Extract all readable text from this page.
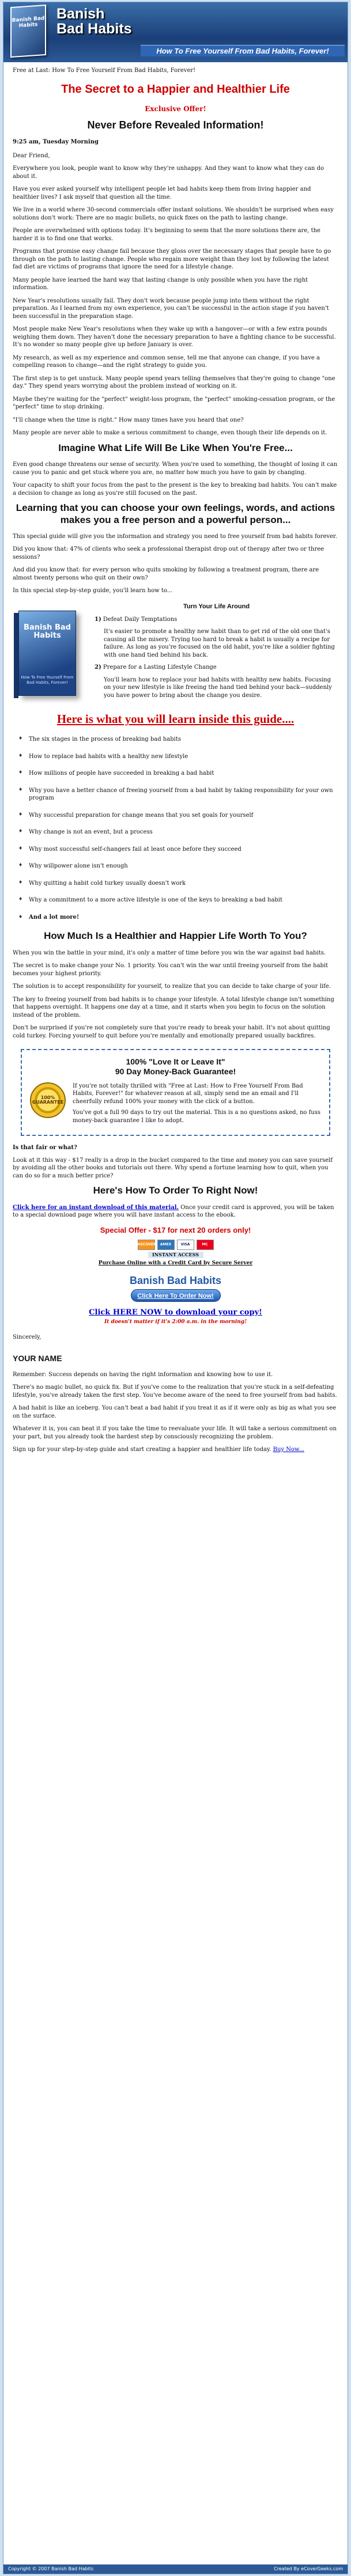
Banish Bad Habits
Banish
Bad Habits
How To Free Yourself From Bad Habits, Forever!

Free at Last: How To Free Yourself From Bad Habits, Forever!

The Secret to a Happier and Healthier Life
Exclusive Offer!
Never Before Revealed Information!

9:25 am, Tuesday Morning

Dear Friend,

Everywhere you look, people want to know why they're unhappy. And they want to know what they can do about it.

Have you ever asked yourself why intelligent people let bad habits keep them from living happier and healthier lives? I ask myself that question all the time.

We live in a world where 30-second commercials offer instant solutions. We shouldn't be surprised when easy solutions don't work: There are no magic bullets, no quick fixes on the path to lasting change.

People are overwhelmed with options today. It's beginning to seem that the more solutions there are, the harder it is to find one that works.

Programs that promise easy change fail because they gloss over the necessary stages that people have to go through on the path to lasting change. People who regain more weight than they lost by following the latest fad diet are victims of programs that ignore the need for a lifestyle change.

Many people have learned the hard way that lasting change is only possible when you have the right information.

New Year's resolutions usually fail. They don't work because people jump into them without the right preparation. As I learned from my own experience, you can't be successful in the action stage if you haven't been successful in the preparation stage.

Most people make New Year's resolutions when they wake up with a hangover—or with a few extra pounds weighing them down. They haven't done the necessary preparation to have a fighting chance to be successful. It's no wonder so many people give up before January is over.

My research, as well as my experience and common sense, tell me that anyone can change, if you have a compelling reason to change—and the right strategy to guide you.

The first step is to get unstuck. Many people spend years telling themselves that they're going to change "one day." They spend years worrying about the problem instead of working on it.

Maybe they're waiting for the "perfect" weight-loss program, the "perfect" smoking-cessation program, or the "perfect" time to stop drinking.

"I'll change when the time is right." How many times have you heard that one?

Many people are never able to make a serious commitment to change, even though their life depends on it.

Imagine What Life Will Be Like When You're Free...

Even good change threatens our sense of security. When you're used to something, the thought of losing it can cause you to panic and get stuck where you are, no matter how much you have to gain by changing.

Your capacity to shift your focus from the past to the present is the key to breaking bad habits. You can't make a decision to change as long as you're still focused on the past.

Learning that you can choose your own feelings, words, and actions makes you a free person and a powerful person...

This special guide will give you the information and strategy you need to free yourself from bad habits forever.

Did you know that: 47% of clients who seek a professional therapist drop out of therapy after two or three sessions?

And did you know that: for every person who quits smoking by following a treatment program, there are almost twenty persons who quit on their own?

In this special step-by-step guide, you'll learn how to...

Banish Bad Habits
How To Free Yourself From Bad Habits, Forever!
Turn Your Life Around

1) Defeat Daily Temptations

It's easier to promote a healthy new habit than to get rid of the old one that's causing all the misery. Trying too hard to break a habit is usually a recipe for failure. As long as you're focused on the old habit, you're like a soldier fighting with one hand tied behind his back.

2) Prepare for a Lasting Lifestyle Change

You'll learn how to replace your bad habits with healthy new habits. Focusing on your new lifestyle is like freeing the hand tied behind your back—suddenly you have power to bring about the change you desire.

Here is what you will learn inside this guide....
♦ The six stages in the process of breaking bad habits
♦ How to replace bad habits with a healthy new lifestyle
♦ How millions of people have succeeded in breaking a bad habit
♦ Why you have a better chance of freeing yourself from a bad habit by taking responsibility for your own program
♦ Why successful preparation for change means that you set goals for yourself
♦ Why change is not an event, but a process
♦ Why most successful self-changers fail at least once before they succeed
♦ Why willpower alone isn't enough
♦ Why quitting a habit cold turkey usually doesn't work
♦ Why a commitment to a more active lifestyle is one of the keys to breaking a bad habit
♦ And a lot more!
How Much Is a Healthier and Happier Life Worth To You?

When you win the battle in your mind, it's only a matter of time before you win the war against bad habits.

The secret is to make change your No. 1 priority. You can't win the war until freeing yourself from the habit becomes your highest priority.

The solution is to accept responsibility for yourself, to realize that you can decide to take charge of your life.

The key to freeing yourself from bad habits is to change your lifestyle. A total lifestyle change isn't something that happens overnight. It happens one day at a time, and it starts when you begin to focus on the solution instead of the problem.

Don't be surprised if you're not completely sure that you're ready to break your habit. It's not about quitting cold turkey. Forcing yourself to quit before you're mentally and emotionally prepared usually backfires.

100% "Love It or Leave It"
90 Day Money-Back Guarantee!
100% GUARANTEE

If you're not totally thrilled with "Free at Last: How to Free Yourself From Bad Habits, Forever!" for whatever reason at all, simply send me an email and I'll cheerfully refund 100% your money with the click of a button.

You've got a full 90 days to try out the material. This is a no questions asked, no fuss money-back guarantee I like to adopt.

Is that fair or what?

Look at it this way - $17 really is a drop in the bucket compared to the time and money you can save yourself by avoiding all the other books and tutorials out there. Why spend a fortune learning how to quit, when you can do so for a much better price?

Here's How To Order To Right Now!

Click here for an instant download of this material. Once your credit card is approved, you will be taken to a special download page where you will have instant access to the ebook.

Special Offer - $17 for next 20 orders only!
DISCOVER	AMEX	VISA	MC
INSTANT ACCESS
Purchase Online with a Credit Card by Secure Server
Banish Bad Habits
Click Here To Order Now!
Click HERE NOW to download your copy!
It doesn't matter if it's 2:00 a.m. in the morning!

Sincerely,

YOUR NAME

Remember: Success depends on having the right information and knowing how to use it.

There's no magic bullet, no quick fix. But if you've come to the realization that you're stuck in a self-defeating lifestyle, you've already taken the first step. You've become aware of the need to free yourself from bad habits.

A bad habit is like an iceberg. You can't beat a bad habit if you treat it as if it were only as big as what you see on the surface.

Whatever it is, you can beat it if you take the time to reevaluate your life. It will take a serious commitment on your part, but you already took the hardest step by consciously recognizing the problem.

Sign up for your step-by-step guide and start creating a happier and healthier life today. Buy Now...

Copyright © 2007 Banish Bad Habits	Created By eCoverGeeks.com
